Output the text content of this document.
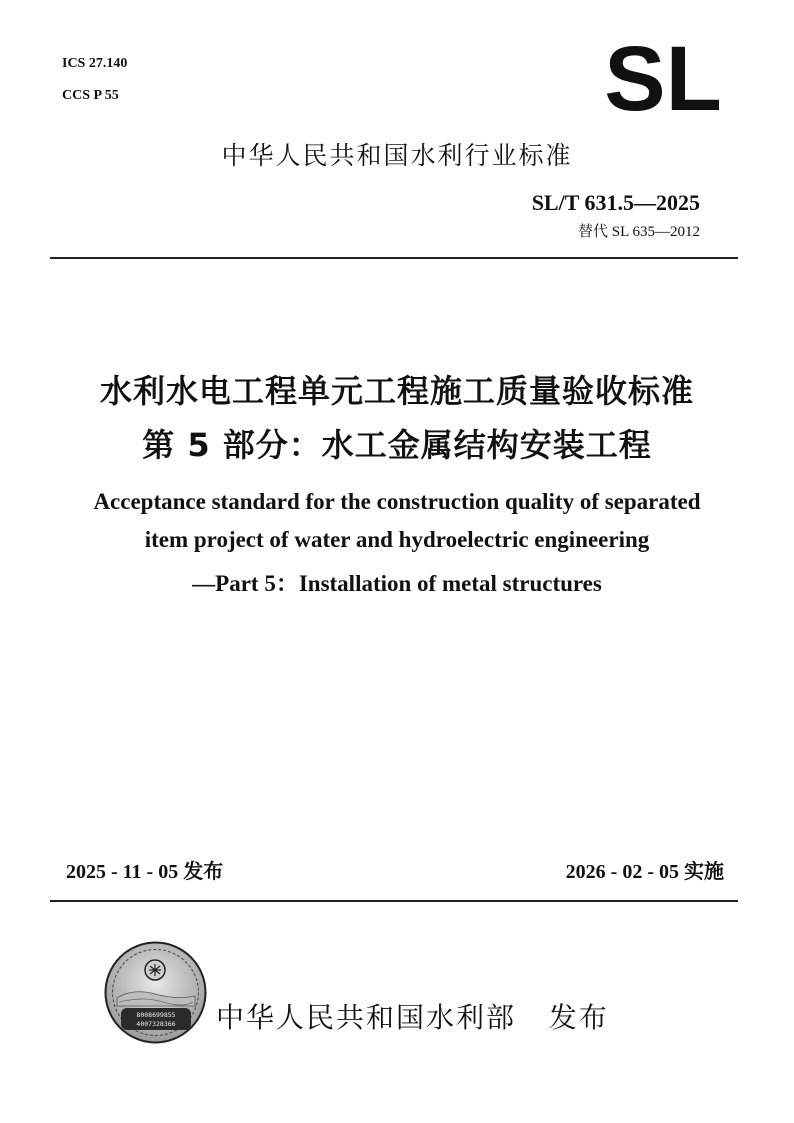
ICS 27.140
CCS P 55	SL
中华人民共和国水利行业标准
SL/T 631.5—2025
替代 SL 635—2012
水利水电工程单元工程施工质量验收标准
第 5 部分：水工金属结构安装工程
Acceptance standard for the construction quality of separated
item project of water and hydroelectric engineering
—Part 5：Installation of metal structures
2025 - 11 - 05 发布	2026 - 02 - 05 实施
8008699855
4007328366 中华人民共和国水利部   发布
